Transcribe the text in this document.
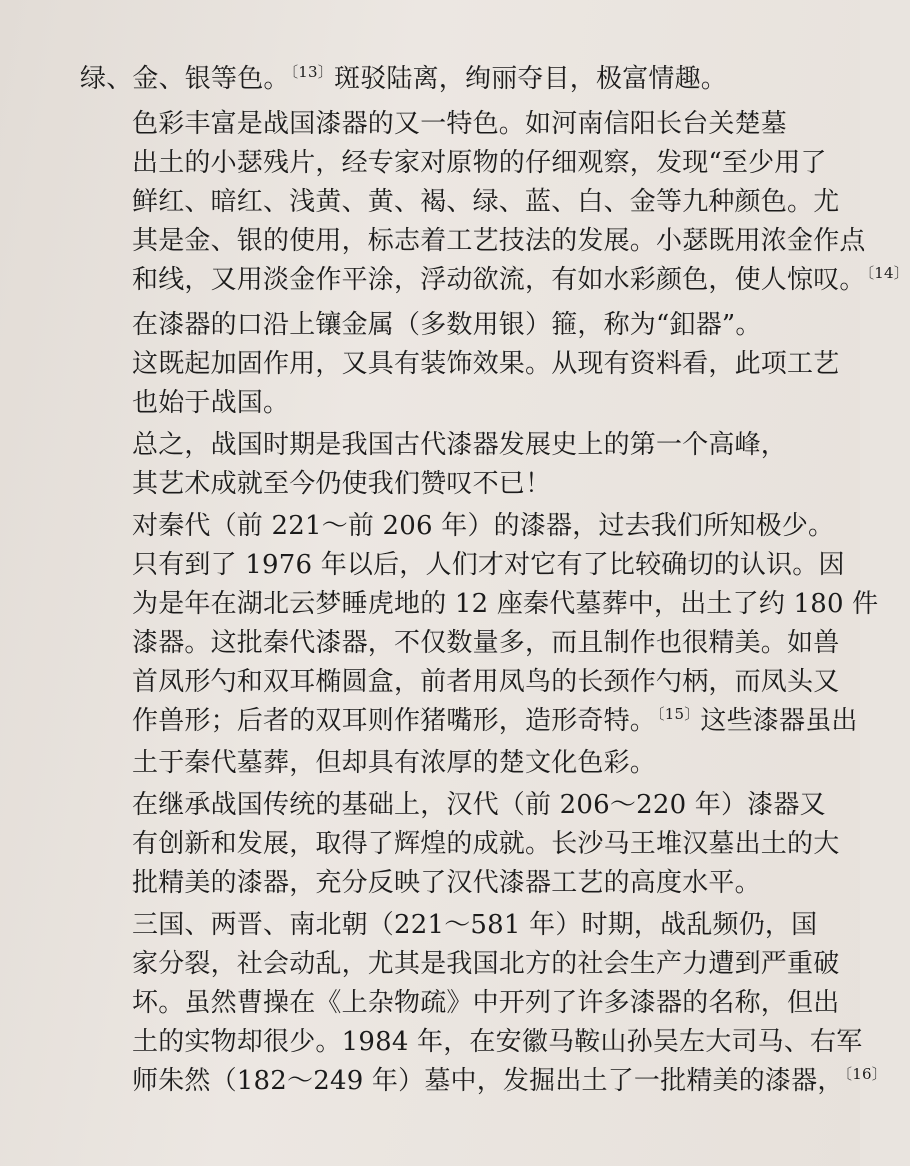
绿、金、银等色。$^{〔13〕}$斑驳陆离，绚丽夺目，极富情趣。
色彩丰富是战国漆器的又一特色。如河南信阳长台关楚墓
出土的小瑟残片，经专家对原物的仔细观察，发现“至少用了
鲜红、暗红、浅黄、黄、褐、绿、蓝、白、金等九种颜色。尤
其是金、银的使用，标志着工艺技法的发展。小瑟既用浓金作点
和线，又用淡金作平涂，浮动欲流，有如水彩颜色，使人惊叹。$^{〔14〕}$
在漆器的口沿上镶金属（多数用银）箍，称为“釦器”。
这既起加固作用，又具有装饰效果。从现有资料看，此项工艺
也始于战国。
总之，战国时期是我国古代漆器发展史上的第一个高峰，
其艺术成就至今仍使我们赞叹不已！
对秦代（前 221～前 206 年）的漆器，过去我们所知极少。
只有到了 1976 年以后，人们才对它有了比较确切的认识。因
为是年在湖北云梦睡虎地的 12 座秦代墓葬中，出土了约 180 件
漆器。这批秦代漆器，不仅数量多，而且制作也很精美。如兽
首凤形勺和双耳椭圆盒，前者用凤鸟的长颈作勺柄，而凤头又
作兽形；后者的双耳则作猪嘴形，造形奇特。$^{〔15〕}$这些漆器虽出
土于秦代墓葬，但却具有浓厚的楚文化色彩。
在继承战国传统的基础上，汉代（前 206～220 年）漆器又
有创新和发展，取得了辉煌的成就。长沙马王堆汉墓出土的大
批精美的漆器，充分反映了汉代漆器工艺的高度水平。
三国、两晋、南北朝（221～581 年）时期，战乱频仍，国
家分裂，社会动乱，尤其是我国北方的社会生产力遭到严重破
坏。虽然曹操在《上杂物疏》中开列了许多漆器的名称，但出
土的实物却很少。1984 年，在安徽马鞍山孙吴左大司马、右军
师朱然（182～249 年）墓中，发掘出土了一批精美的漆器，$^{〔16〕}$
